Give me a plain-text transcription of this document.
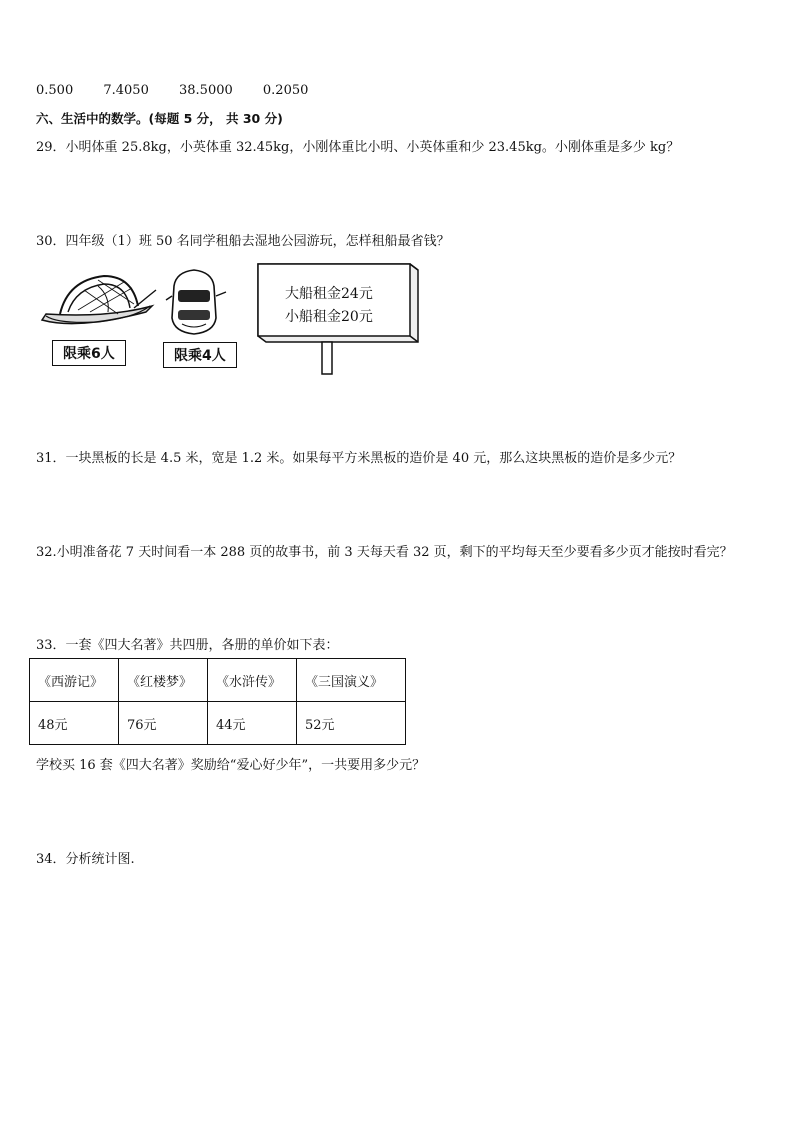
0.500 7.4050 38.5000 0.2050
六、生活中的数学。(每题 5 分， 共 30 分)
29．小明体重 25.8kg，小英体重 32.45kg，小刚体重比小明、小英体重和少 23.45kg。小刚体重是多少 kg？
30．四年级（1）班 50 名同学租船去湿地公园游玩，怎样租船最省钱？
限乘6人	限乘4人
大船租金24元
小船租金20元
31．一块黑板的长是 4.5 米，宽是 1.2 米。如果每平方米黑板的造价是 40 元，那么这块黑板的造价是多少元？
32.小明准备花 7 天时间看一本 288 页的故事书，前 3 天每天看 32 页，剩下的平均每天至少要看多少页才能按时看完？
33．一套《四大名著》共四册，各册的单价如下表：
《西游记》	《红楼梦》	《水浒传》	《三国演义》
48元	76元	44元	52元
学校买 16 套《四大名著》奖励给“爱心好少年”，一共要用多少元？
34．分析统计图.
